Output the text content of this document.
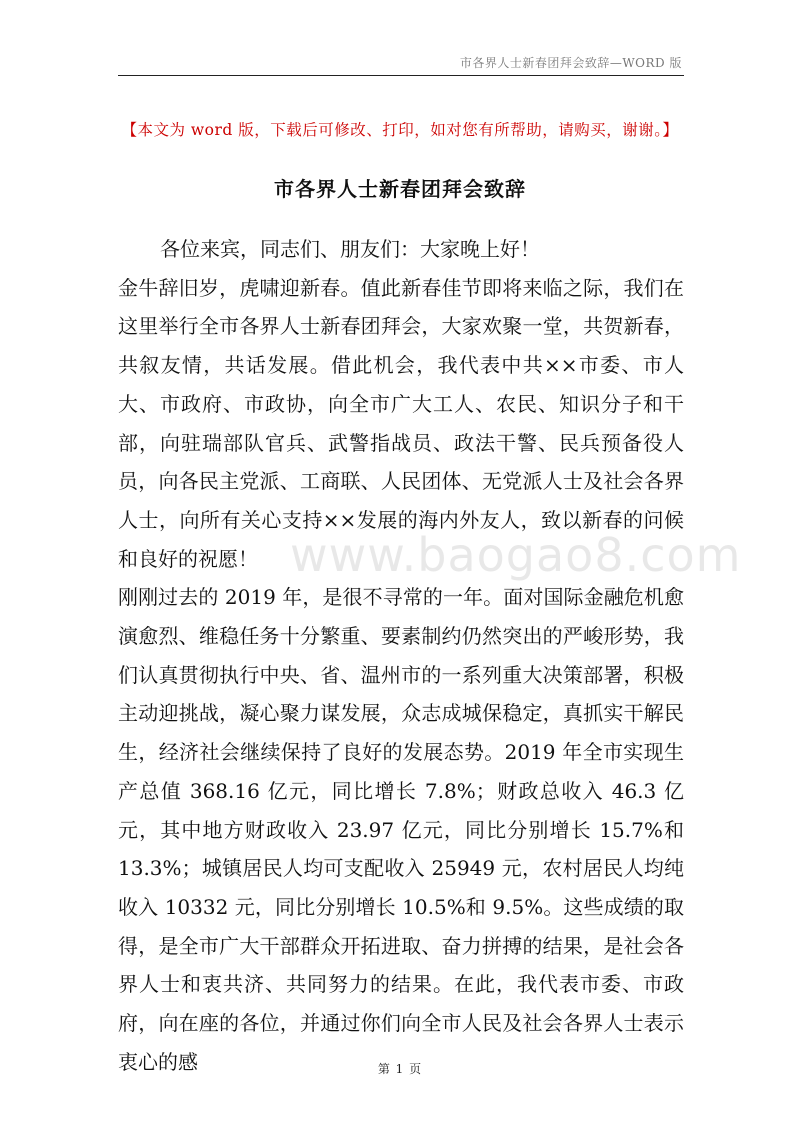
市各界人士新春团拜会致辞—WORD 版
【本文为 word 版，下载后可修改、打印，如对您有所帮助，请购买，谢谢。】
市各界人士新春团拜会致辞

各位来宾，同志们、朋友们：大家晚上好！

金牛辞旧岁，虎啸迎新春。值此新春佳节即将来临之际，我们在这里举行全市各界人士新春团拜会，大家欢聚一堂，共贺新春，共叙友情，共话发展。借此机会，我代表中共××市委、市人大、市政府、市政协，向全市广大工人、农民、知识分子和干部，向驻瑞部队官兵、武警指战员、政法干警、民兵预备役人员，向各民主党派、工商联、人民团体、无党派人士及社会各界人士，向所有关心支持××发展的海内外友人，致以新春的问候和良好的祝愿！

刚刚过去的 2019 年，是很不寻常的一年。面对国际金融危机愈演愈烈、维稳任务十分繁重、要素制约仍然突出的严峻形势，我们认真贯彻执行中央、省、温州市的一系列重大决策部署，积极主动迎挑战，凝心聚力谋发展，众志成城保稳定，真抓实干解民生，经济社会继续保持了良好的发展态势。2019 年全市实现生产总值 368.16 亿元，同比增长 7.8%；财政总收入 46.3 亿元，其中地方财政收入 23.97 亿元，同比分别增长 15.7%和 13.3%；城镇居民人均可支配收入 25949 元，农村居民人均纯收入 10332 元，同比分别增长 10.5%和 9.5%。这些成绩的取得，是全市广大干部群众开拓进取、奋力拼搏的结果，是社会各界人士和衷共济、共同努力的结果。在此，我代表市委、市政府，向在座的各位，并通过你们向全市人民及社会各界人士表示衷心的感

www.baogao8.com
第 1 页
